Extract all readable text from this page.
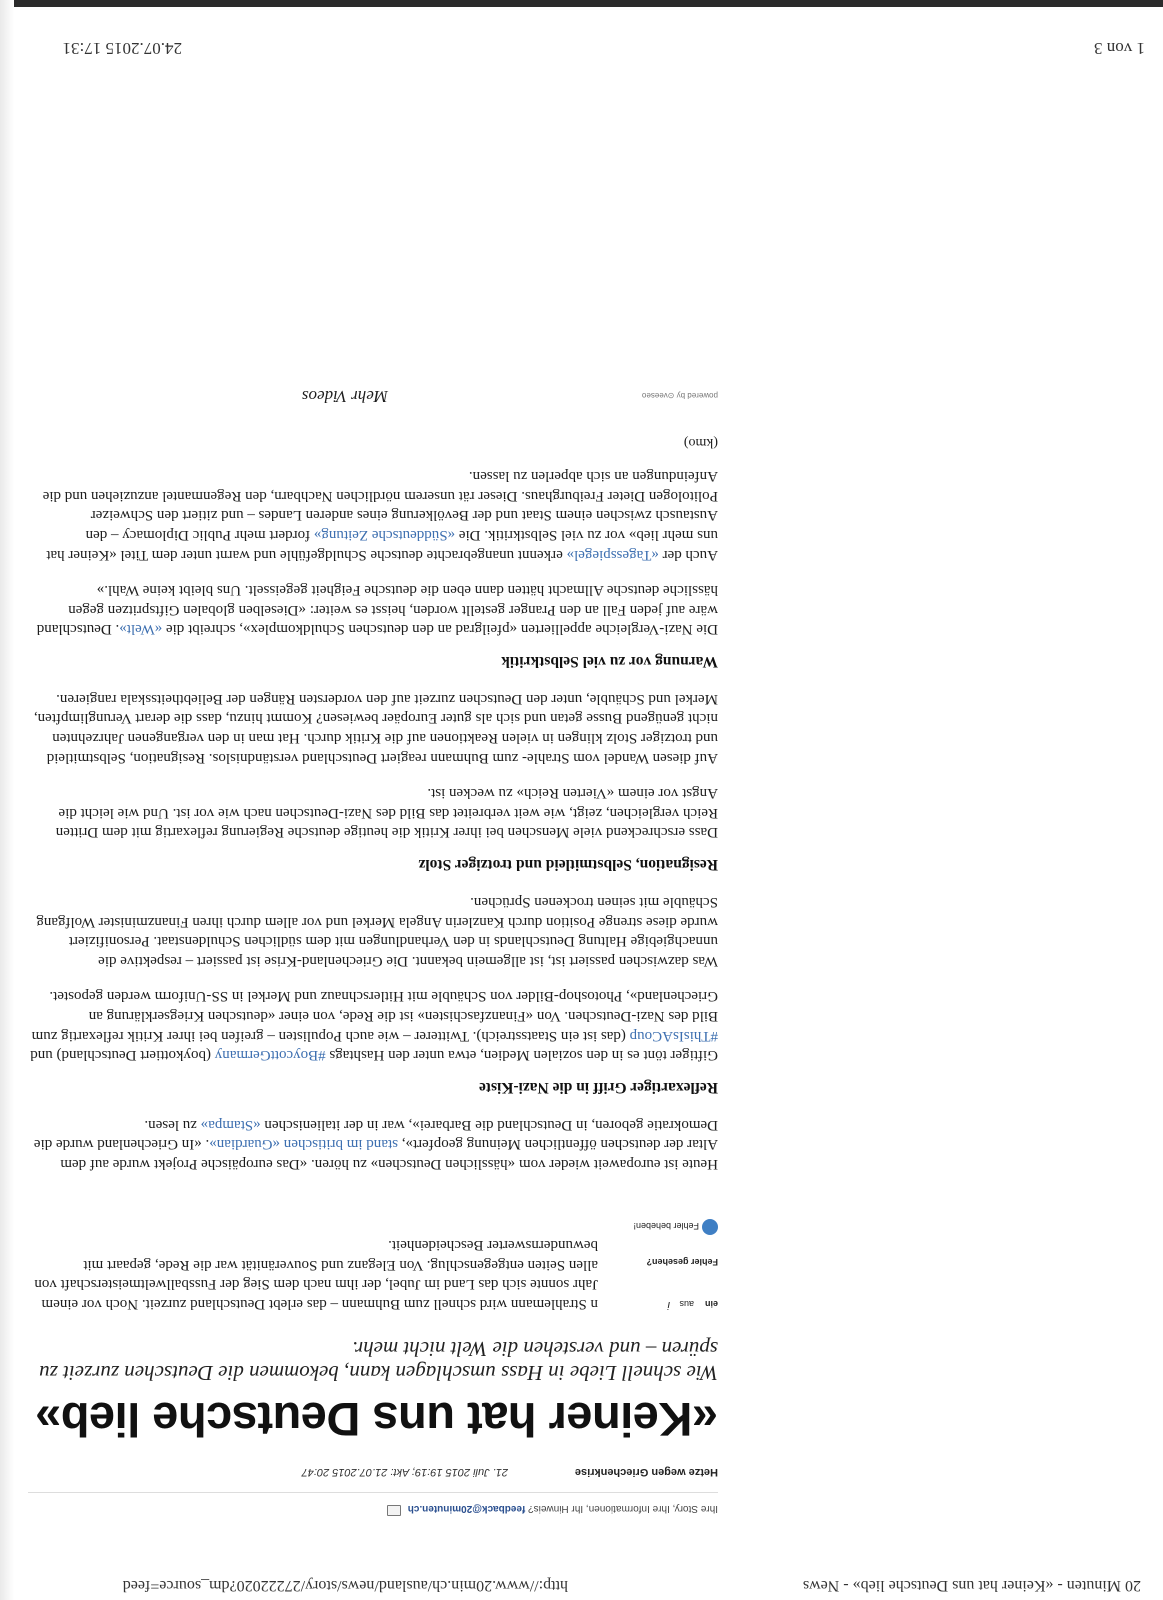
20 Minuten - «Keiner hat uns Deutsche lieb» - News
http://www.20min.ch/ausland/news/story/27222020?dm_source=feed
Ihre Story, Ihre Informationen, Ihr Hinweis? feedback@20minuten.ch
Hetze wegen Griechenkrise
21. Juli 2015 19:19; Akt: 21.07.2015 20:47
«Keiner hat uns Deutsche lieb»

Wie schnell Liebe in Hass umschlagen kann, bekommen die Deutschen zurzeit zu spüren – und verstehen die Welt nicht mehr.

ein
aus
i
Fehler gesehen?
Fehler beheben!
n Strahlemann wird schnell zum Buhmann – das erlebt Deutschland zurzeit. Noch vor einem Jahr sonnte sich das Land im Jubel, der ihm nach dem Sieg der Fussballweltmeisterschaft von allen Seiten entgegenschlug. Von Eleganz und Souveränität war die Rede, gepaart mit bewundernswerter Bescheidenheit.

Heute ist europaweit wieder vom «hässlichen Deutschen» zu hören. «Das europäische Projekt wurde auf dem Altar der deutschen öffentlichen Meinung geopfert», stand im britischen «Guardian». «In Griechenland wurde die Demokratie geboren, in Deutschland die Barbarei», war in der italienischen «Stampa» zu lesen.

Reflexartiger Griff in die Nazi-Kiste

Giftiger tönt es in den sozialen Medien, etwa unter den Hashtags #BoycottGermany (boykottiert Deutschland) und #ThisIsACoup (das ist ein Staatsstreich). Twitterer – wie auch Populisten – greifen bei ihrer Kritik reflexartig zum Bild des Nazi-Deutschen. Von «Finanzfaschisten» ist die Rede, von einer «deutschen Kriegserklärung an Griechenland», Photoshop-Bilder von Schäuble mit Hitlerschnauz und Merkel in SS-Uniform werden gepostet.

Was dazwischen passiert ist, ist allgemein bekannt. Die Griechenland-Krise ist passiert – respektive die unnachgiebige Haltung Deutschlands in den Verhandlungen mit dem südlichen Schuldenstaat. Personifiziert wurde diese strenge Position durch Kanzlerin Angela Merkel und vor allem durch ihren Finanzminister Wolfgang Schäuble mit seinen trockenen Sprüchen.

Resignation, Selbstmitleid und trotziger Stolz

Dass erschreckend viele Menschen bei ihrer Kritik die heutige deutsche Regierung reflexartig mit dem Dritten Reich vergleichen, zeigt, wie weit verbreitet das Bild des Nazi-Deutschen nach wie vor ist. Und wie leicht die Angst vor einem «Vierten Reich» zu wecken ist.

Auf diesen Wandel vom Strahle- zum Buhmann reagiert Deutschland verständnislos. Resignation, Selbstmitleid und trotziger Stolz klingen in vielen Reaktionen auf die Kritik durch. Hat man in den vergangenen Jahrzehnten nicht genügend Busse getan und sich als guter Europäer bewiesen? Kommt hinzu, dass die derart Verunglimpften, Merkel und Schäuble, unter den Deutschen zurzeit auf den vordersten Rängen der Beliebtheitsskala rangieren.

Warnung vor zu viel Selbstkritik

Die Nazi-Vergleiche appellierten «pfeilgrad an den deutschen Schuldkomplex», schreibt die «Welt». Deutschland wäre auf jeden Fall an den Pranger gestellt worden, heisst es weiter: «Dieselben globalen Giftspritzen gegen hässliche deutsche Allmacht hätten dann eben die deutsche Feigheit gegeisselt. Uns bleibt keine Wahl.»

Auch der «Tagesspiegel» erkennt unangebrachte deutsche Schuldgefühle und warnt unter dem Titel «Keiner hat uns mehr lieb» vor zu viel Selbstkritik. Die «Süddeutsche Zeitung» fordert mehr Public Diplomacy – den Austausch zwischen einem Staat und der Bevölkerung eines anderen Landes – und zitiert den Schweizer Politologen Dieter Freiburghaus. Dieser rät unserem nördlichen Nachbarn, den Regenmantel anzuziehen und die Anfeindungen an sich abperlen zu lassen.

(kmo)

powered by ⊙veeseo
Mehr Videos
1 von 3
24.07.2015 17:31
